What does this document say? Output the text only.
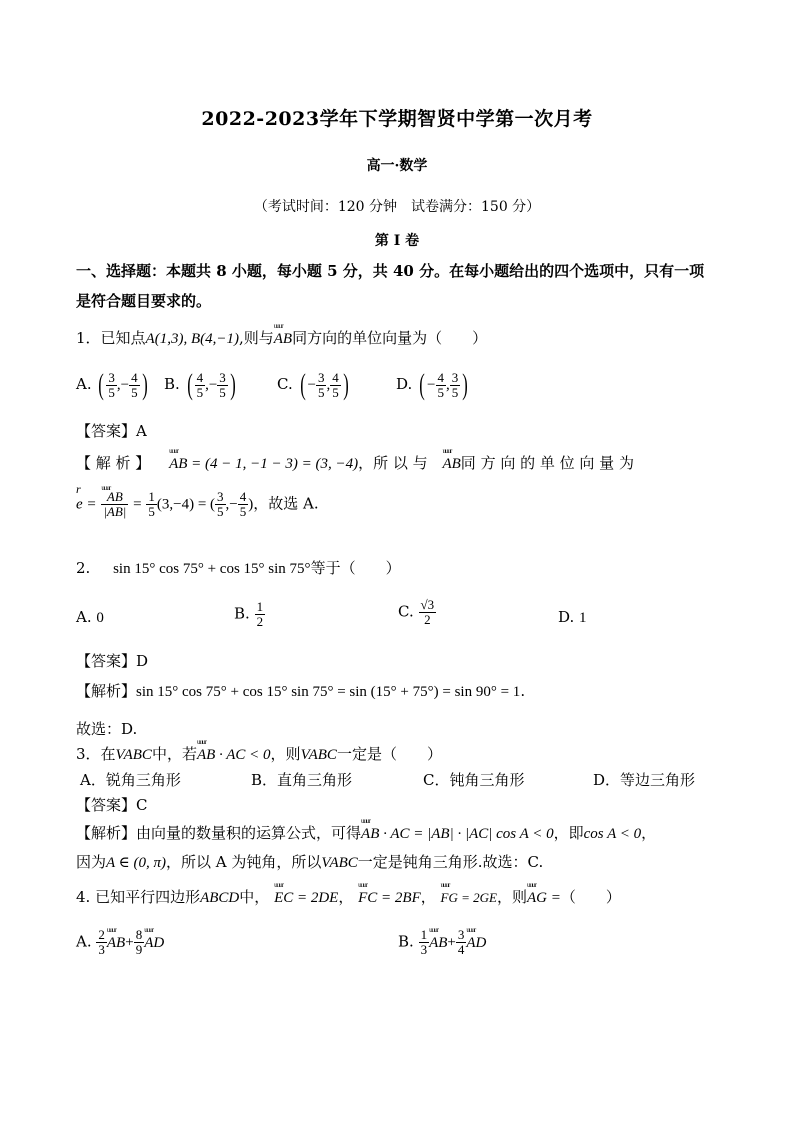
2022-2023学年下学期智贤中学第一次月考
高一·数学
（考试时间：120 分钟　试卷满分：150 分）
第 I 卷
一、选择题：本题共 8 小题，每小题 5 分，共 40 分。在每小题给出的四个选项中，只有一项
是符合题目要求的。
1．已知点A(1,3), B(4,−1),则与uuur AB同方向的单位向量为（　　）
A. ( $\frac{3}{5}$ ,− $\frac{4}{5}$ ) B. ( $\frac{4}{5}$ ,− $\frac{3}{5}$ )	C. ( − $\frac{3}{5}$ , $\frac{4}{5}$ )	D. ( − $\frac{4}{5}$ , $\frac{3}{5}$ )
【答案】A
【 解 析 】 uuur AB = (4 − 1, −1 − 3) = (3, −4)，所 以 与 uuur AB同 方 向 的 单 位 向 量 为
r
e = uuur $\frac{AB}{|AB|} = \frac{1}{5} (3,-4)$ = ( $\frac{3}{5}$ ,− $\frac{4}{5}$ )，故选 A.
2. sin 15° cos 75° + cos 15° sin 75°等于（　　）
A. 0	B. $\frac{1}{2}$	C. $\frac{√3}{2}$	D. 1
【答案】D
【解析】sin 15° cos 75° + cos 15° sin 75° = sin (15° + 75°) = sin 90° = 1.
故选：D.
3．在VABC中，若uuur AB · AC < 0，则VABC一定是（　　）
A．锐角三角形	B．直角三角形	C．钝角三角形	D．等边三角形
【答案】C
【解析】由向量的数量积的运算公式，可得uuur AB · AC = |AB| · |AC| cos A < 0，即cos A < 0，
因为A ∈ (0, π)，所以 A 为钝角，所以VABC一定是钝角三角形.故选：C.
4. 已知平行四边形ABCD中， uuur EC = 2DE， uuur FC = 2BF， uuur FG = 2GE，则uuur AG =（　　）
A. $\frac{2}{3}$ uuur $AB+ \frac{8}{9}$ uuur AD	B. $\frac{1}{3}$ uuur $AB+ \frac{3}{4}$ uuur AD
